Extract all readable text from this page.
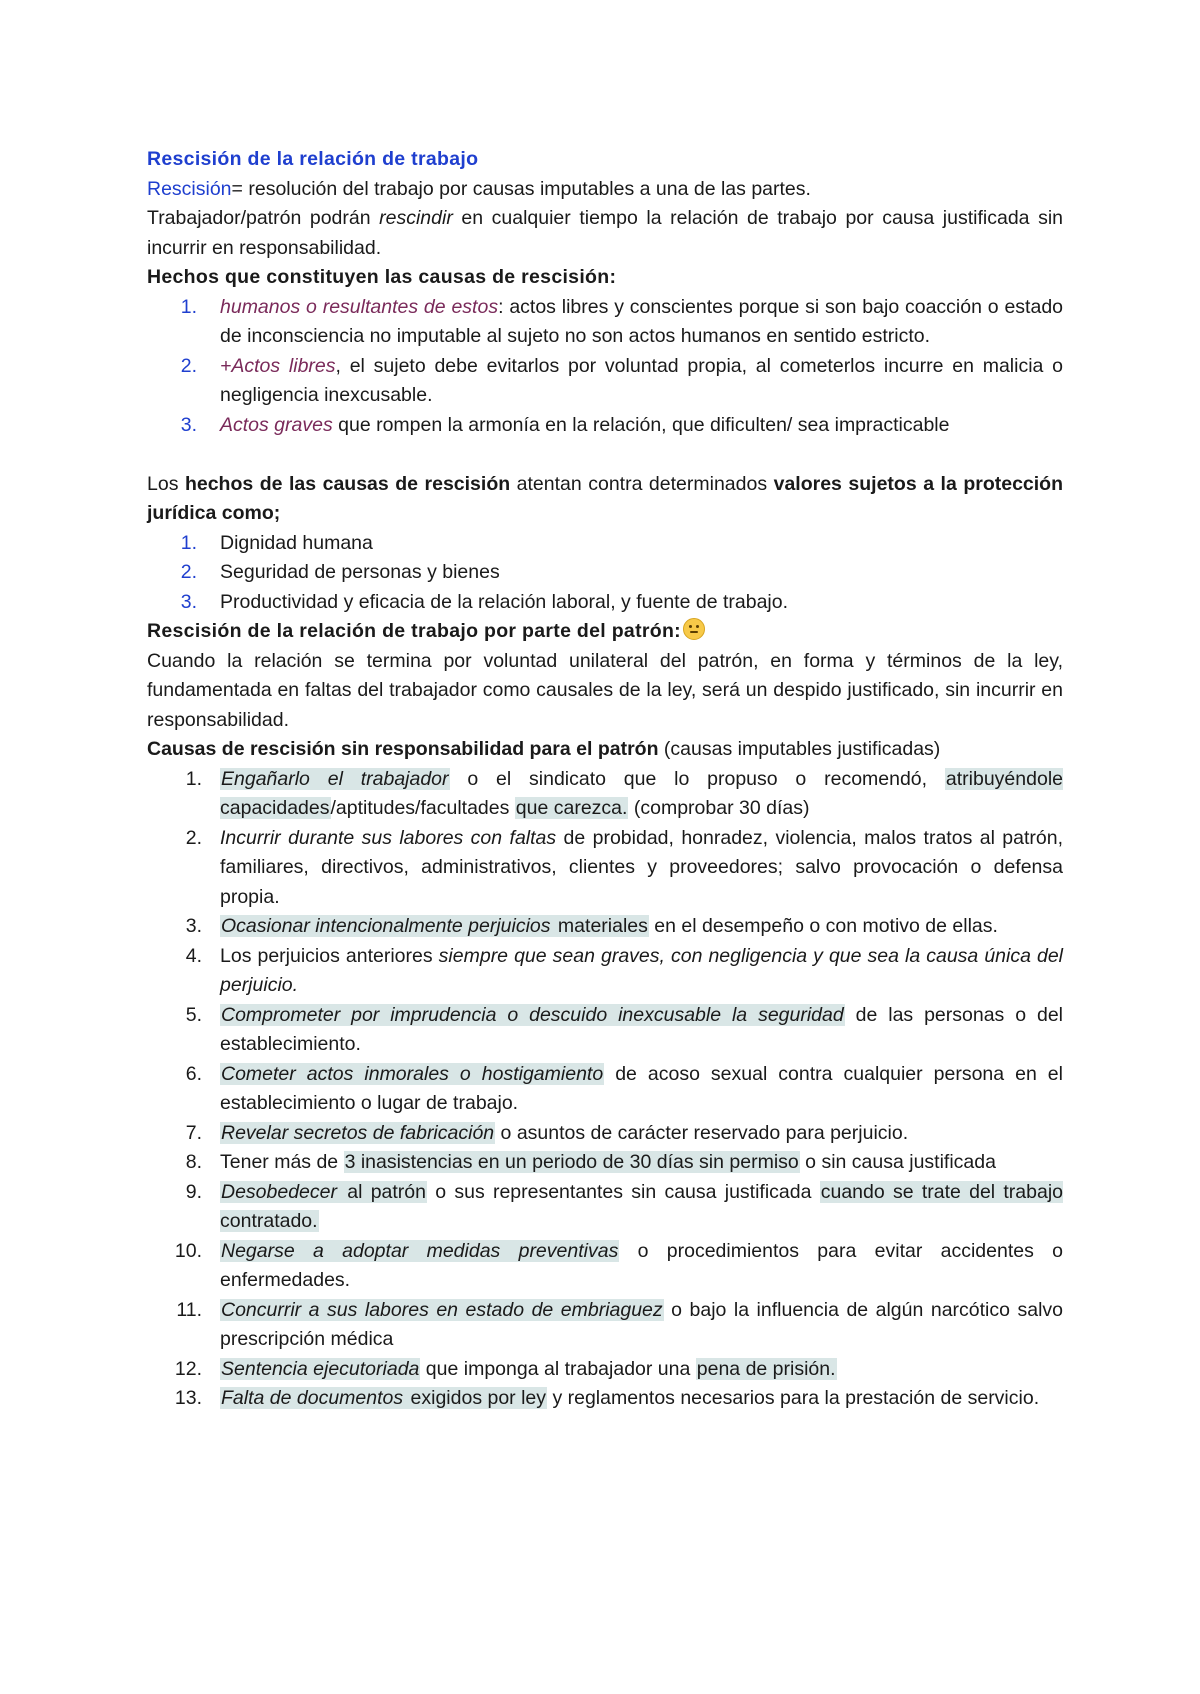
Rescisión de la relación de trabajo

Rescisión= resolución del trabajo por causas imputables a una de las partes.

Trabajador/patrón podrán rescindir en cualquier tiempo la relación de trabajo por causa justificada sin incurrir en responsabilidad.

Hechos que constituyen las causas de rescisión:

1. humanos o resultantes de estos: actos libres y conscientes porque si son bajo coacción o estado de inconsciencia no imputable al sujeto no son actos humanos en sentido estricto.
2. +Actos libres, el sujeto debe evitarlos por voluntad propia, al cometerlos incurre en malicia o negligencia inexcusable.
3. Actos graves que rompen la armonía en la relación, que dificulten/ sea impracticable

Los hechos de las causas de rescisión atentan contra determinados valores sujetos a la protección jurídica como;

1. Dignidad humana
2. Seguridad de personas y bienes
3. Productividad y eficacia de la relación laboral, y fuente de trabajo.

Rescisión de la relación de trabajo por parte del patrón:

Cuando la relación se termina por voluntad unilateral del patrón, en forma y términos de la ley, fundamentada en faltas del trabajador como causales de la ley, será un despido justificado, sin incurrir en responsabilidad.

Causas de rescisión sin responsabilidad para el patrón (causas imputables justificadas)

1. Engañarlo el trabajador o el sindicato que lo propuso o recomendó, atribuyéndole capacidades/aptitudes/facultades que carezca. (comprobar 30 días)
2. Incurrir durante sus labores con faltas de probidad, honradez, violencia, malos tratos al patrón, familiares, directivos, administrativos, clientes y proveedores; salvo provocación o defensa propia.
3. Ocasionar intencionalmente perjuicios materiales en el desempeño o con motivo de ellas.
4. Los perjuicios anteriores siempre que sean graves, con negligencia y que sea la causa única del perjuicio.
5. Comprometer por imprudencia o descuido inexcusable la seguridad de las personas o del establecimiento.
6. Cometer actos inmorales o hostigamiento de acoso sexual contra cualquier persona en el establecimiento o lugar de trabajo.
7. Revelar secretos de fabricación o asuntos de carácter reservado para perjuicio.
8. Tener más de 3 inasistencias en un periodo de 30 días sin permiso o sin causa justificada
9. Desobedecer al patrón o sus representantes sin causa justificada cuando se trate del trabajo contratado.
10. Negarse a adoptar medidas preventivas o procedimientos para evitar accidentes o enfermedades.
11. Concurrir a sus labores en estado de embriaguez o bajo la influencia de algún narcótico salvo prescripción médica
12. Sentencia ejecutoriada que imponga al trabajador una pena de prisión.
13. Falta de documentos exigidos por ley y reglamentos necesarios para la prestación de servicio.
